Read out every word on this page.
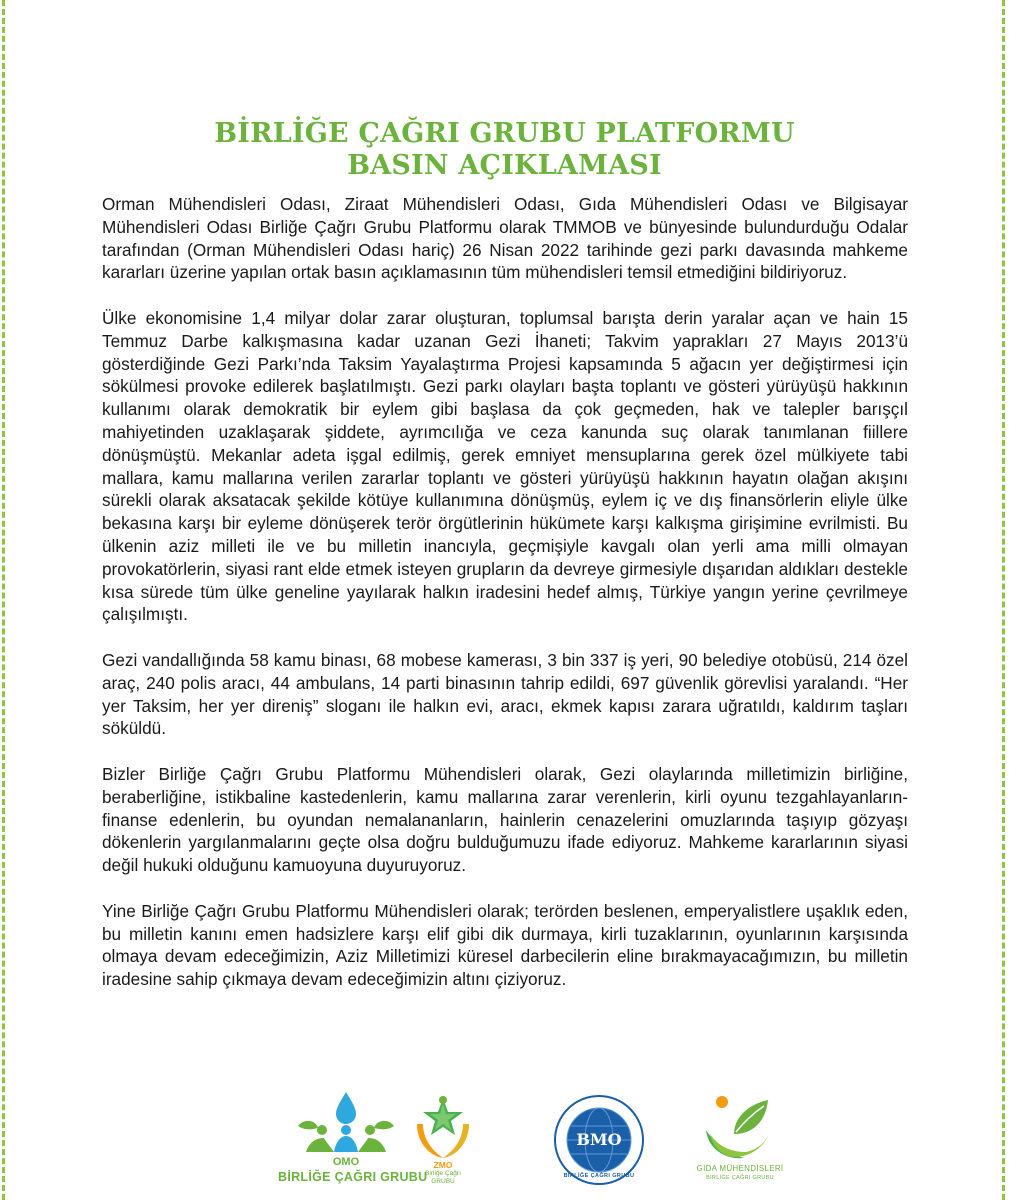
BİRLİĞE ÇAĞRI GRUBU PLATFORMU
BASIN AÇIKLAMASI

Orman Mühendisleri Odası, Ziraat Mühendisleri Odası, Gıda Mühendisleri Odası ve Bilgisayar Mühendisleri Odası Birliğe Çağrı Grubu Platformu olarak TMMOB ve bünyesinde bulundurduğu Odalar tarafından (Orman Mühendisleri Odası hariç) 26 Nisan 2022 tarihinde gezi parkı davasında mahkeme kararları üzerine yapılan ortak basın açıklamasının tüm mühendisleri temsil etmediğini bildiriyoruz.

Ülke ekonomisine 1,4 milyar dolar zarar oluşturan, toplumsal barışta derin yaralar açan ve hain 15 Temmuz Darbe kalkışmasına kadar uzanan Gezi İhaneti; Takvim yaprakları 27 Mayıs 2013’ü gösterdiğinde Gezi Parkı’nda Taksim Yayalaştırma Projesi kapsamında 5 ağacın yer değiştirmesi için sökülmesi provoke edilerek başlatılmıştı. Gezi parkı olayları başta toplantı ve gösteri yürüyüşü hakkının kullanımı olarak demokratik bir eylem gibi başlasa da çok geçmeden, hak ve talepler barışçıl mahiyetinden uzaklaşarak şiddete, ayrımcılığa ve ceza kanunda suç olarak tanımlanan fiillere dönüşmüştü. Mekanlar adeta işgal edilmiş, gerek emniyet mensuplarına gerek özel mülkiyete tabi mallara, kamu mallarına verilen zararlar toplantı ve gösteri yürüyüşü hakkının hayatın olağan akışını sürekli olarak aksatacak şekilde kötüye kullanımına dönüşmüş, eylem iç ve dış finansörlerin eliyle ülke bekasına karşı bir eyleme dönüşerek terör örgütlerinin hükümete karşı kalkışma girişimine evrilmisti. Bu ülkenin aziz milleti ile ve bu milletin inancıyla, geçmişiyle kavgalı olan yerli ama milli olmayan provokatörlerin, siyasi rant elde etmek isteyen grupların da devreye girmesiyle dışarıdan aldıkları destekle kısa sürede tüm ülke geneline yayılarak halkın iradesini hedef almış, Türkiye yangın yerine çevrilmeye çalışılmıştı.

Gezi vandallığında 58 kamu binası, 68 mobese kamerası, 3 bin 337 iş yeri, 90 belediye otobüsü, 214 özel araç, 240 polis aracı, 44 ambulans, 14 parti binasının tahrip edildi, 697 güvenlik görevlisi yaralandı. “Her yer Taksim, her yer direniş” sloganı ile halkın evi, aracı, ekmek kapısı zarara uğratıldı, kaldırım taşları söküldü.

Bizler Birliğe Çağrı Grubu Platformu Mühendisleri olarak, Gezi olaylarında milletimizin birliğine, beraberliğine, istikbaline kastedenlerin, kamu mallarına zarar verenlerin, kirli oyunu tezgahlayanların-finanse edenlerin, bu oyundan nemalananların, hainlerin cenazelerini omuzlarında taşıyıp gözyaşı dökenlerin yargılanmalarını geçte olsa doğru bulduğumuzu ifade ediyoruz. Mahkeme kararlarının siyasi değil hukuki olduğunu kamuoyuna duyuruyoruz.

Yine Birliğe Çağrı Grubu Platformu Mühendisleri olarak; terörden beslenen, emperyalistlere uşaklık eden, bu milletin kanını emen hadsizlere karşı elif gibi dik durmaya, kirli tuzaklarının, oyunlarının karşısında olmaya devam edeceğimizin, Aziz Milletimizi küresel darbecilerin eline bırakmayacağımızın, bu milletin iradesine sahip çıkmaya devam edeceğimizin altını çiziyoruz.

OMO
BİRLİĞE ÇAĞRI GRUBU
ZMO
Birliğe Çağrı
GRUBU
BMO
BİRLİĞE ÇAĞRI GRUBU
GIDA MÜHENDİSLERİ
BİRLİĞE ÇAĞRI GRUBU
